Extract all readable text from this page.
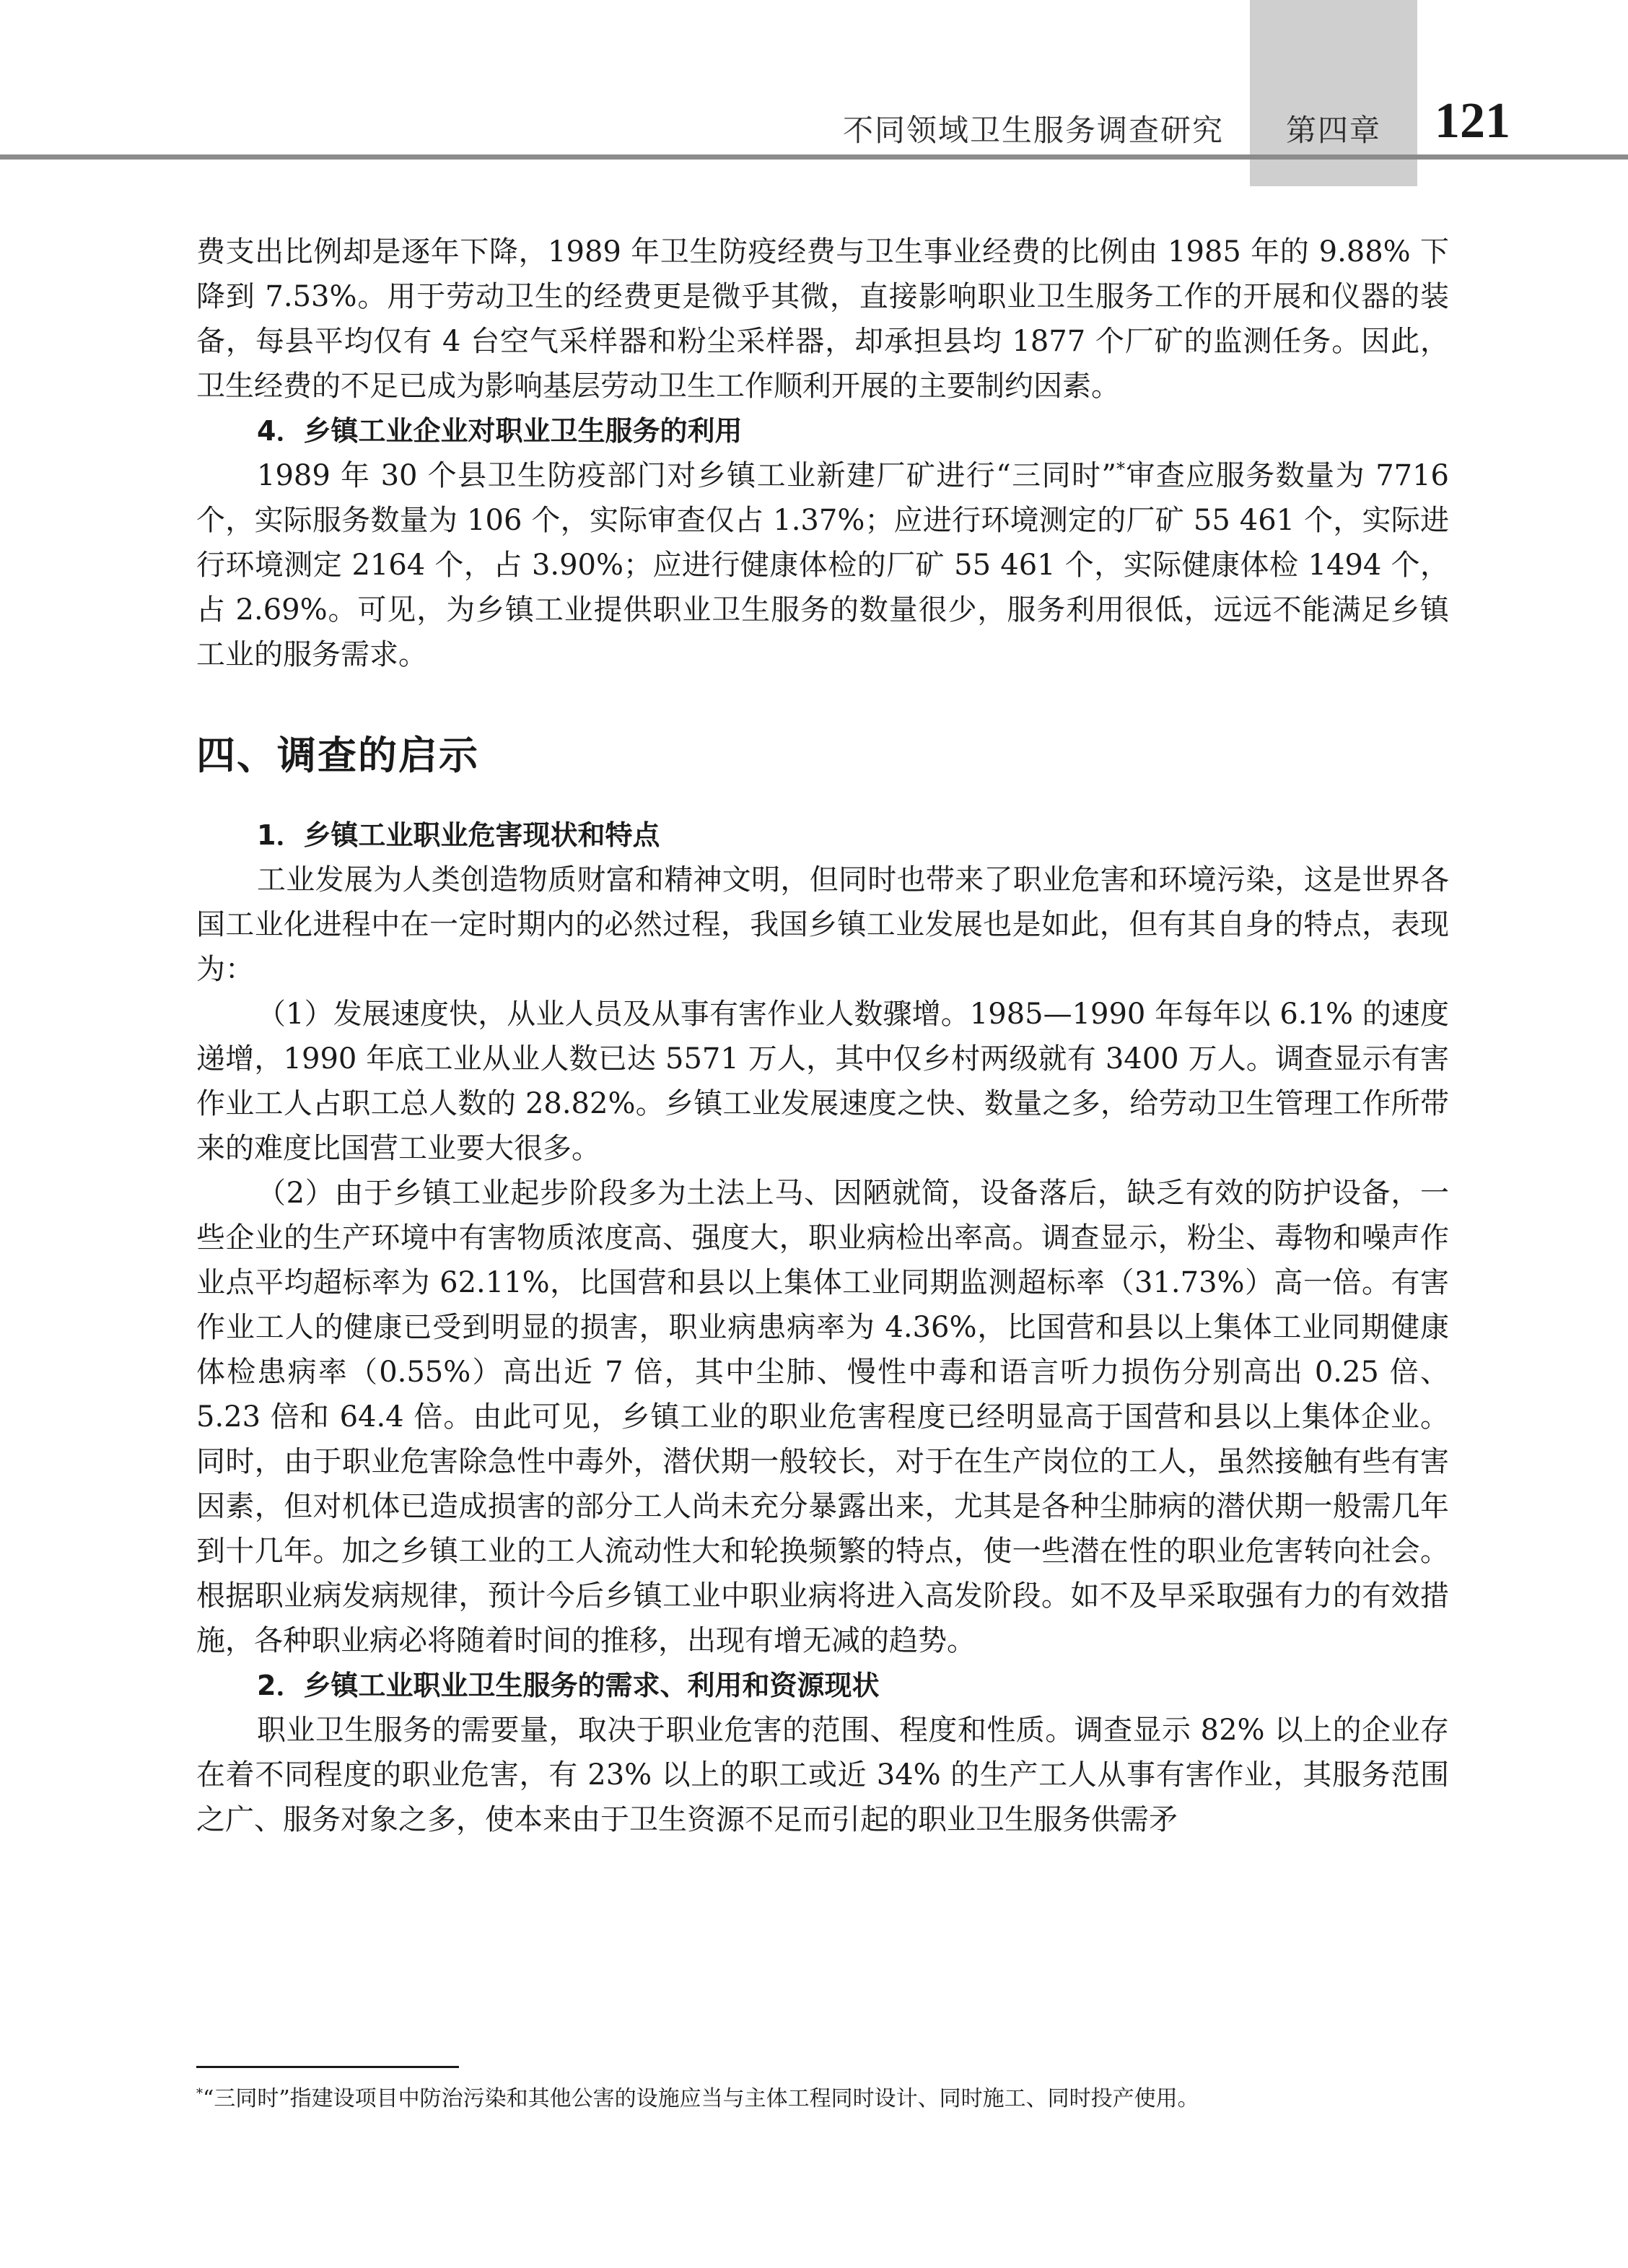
不同领域卫生服务调查研究	第四章	121

费支出比例却是逐年下降，1989 年卫生防疫经费与卫生事业经费的比例由 1985 年的 9.88% 下降到 7.53%。用于劳动卫生的经费更是微乎其微，直接影响职业卫生服务工作的开展和仪器的装备，每县平均仅有 4 台空气采样器和粉尘采样器，却承担县均 1877 个厂矿的监测任务。因此，卫生经费的不足已成为影响基层劳动卫生工作顺利开展的主要制约因素。

4．乡镇工业企业对职业卫生服务的利用

1989 年 30 个县卫生防疫部门对乡镇工业新建厂矿进行“三同时”*审查应服务数量为 7716 个，实际服务数量为 106 个，实际审查仅占 1.37%；应进行环境测定的厂矿 55 461 个，实际进行环境测定 2164 个，占 3.90%；应进行健康体检的厂矿 55 461 个，实际健康体检 1494 个，占 2.69%。可见，为乡镇工业提供职业卫生服务的数量很少，服务利用很低，远远不能满足乡镇工业的服务需求。

四、调查的启示

1．乡镇工业职业危害现状和特点

工业发展为人类创造物质财富和精神文明，但同时也带来了职业危害和环境污染，这是世界各国工业化进程中在一定时期内的必然过程，我国乡镇工业发展也是如此，但有其自身的特点，表现为：

（1）发展速度快，从业人员及从事有害作业人数骤增。1985—1990 年每年以 6.1% 的速度递增，1990 年底工业从业人数已达 5571 万人，其中仅乡村两级就有 3400 万人。调查显示有害作业工人占职工总人数的 28.82%。乡镇工业发展速度之快、数量之多，给劳动卫生管理工作所带来的难度比国营工业要大很多。

（2）由于乡镇工业起步阶段多为土法上马、因陋就简，设备落后，缺乏有效的防护设备，一些企业的生产环境中有害物质浓度高、强度大，职业病检出率高。调查显示，粉尘、毒物和噪声作业点平均超标率为 62.11%，比国营和县以上集体工业同期监测超标率（31.73%）高一倍。有害作业工人的健康已受到明显的损害，职业病患病率为 4.36%，比国营和县以上集体工业同期健康体检患病率（0.55%）高出近 7 倍，其中尘肺、慢性中毒和语言听力损伤分别高出 0.25 倍、5.23 倍和 64.4 倍。由此可见，乡镇工业的职业危害程度已经明显高于国营和县以上集体企业。同时，由于职业危害除急性中毒外，潜伏期一般较长，对于在生产岗位的工人，虽然接触有些有害因素，但对机体已造成损害的部分工人尚未充分暴露出来，尤其是各种尘肺病的潜伏期一般需几年到十几年。加之乡镇工业的工人流动性大和轮换频繁的特点，使一些潜在性的职业危害转向社会。根据职业病发病规律，预计今后乡镇工业中职业病将进入高发阶段。如不及早采取强有力的有效措施，各种职业病必将随着时间的推移，出现有增无减的趋势。

2．乡镇工业职业卫生服务的需求、利用和资源现状

职业卫生服务的需要量，取决于职业危害的范围、程度和性质。调查显示 82% 以上的企业存在着不同程度的职业危害，有 23% 以上的职工或近 34% 的生产工人从事有害作业，其服务范围之广、服务对象之多，使本来由于卫生资源不足而引起的职业卫生服务供需矛

*“三同时”指建设项目中防治污染和其他公害的设施应当与主体工程同时设计、同时施工、同时投产使用。
